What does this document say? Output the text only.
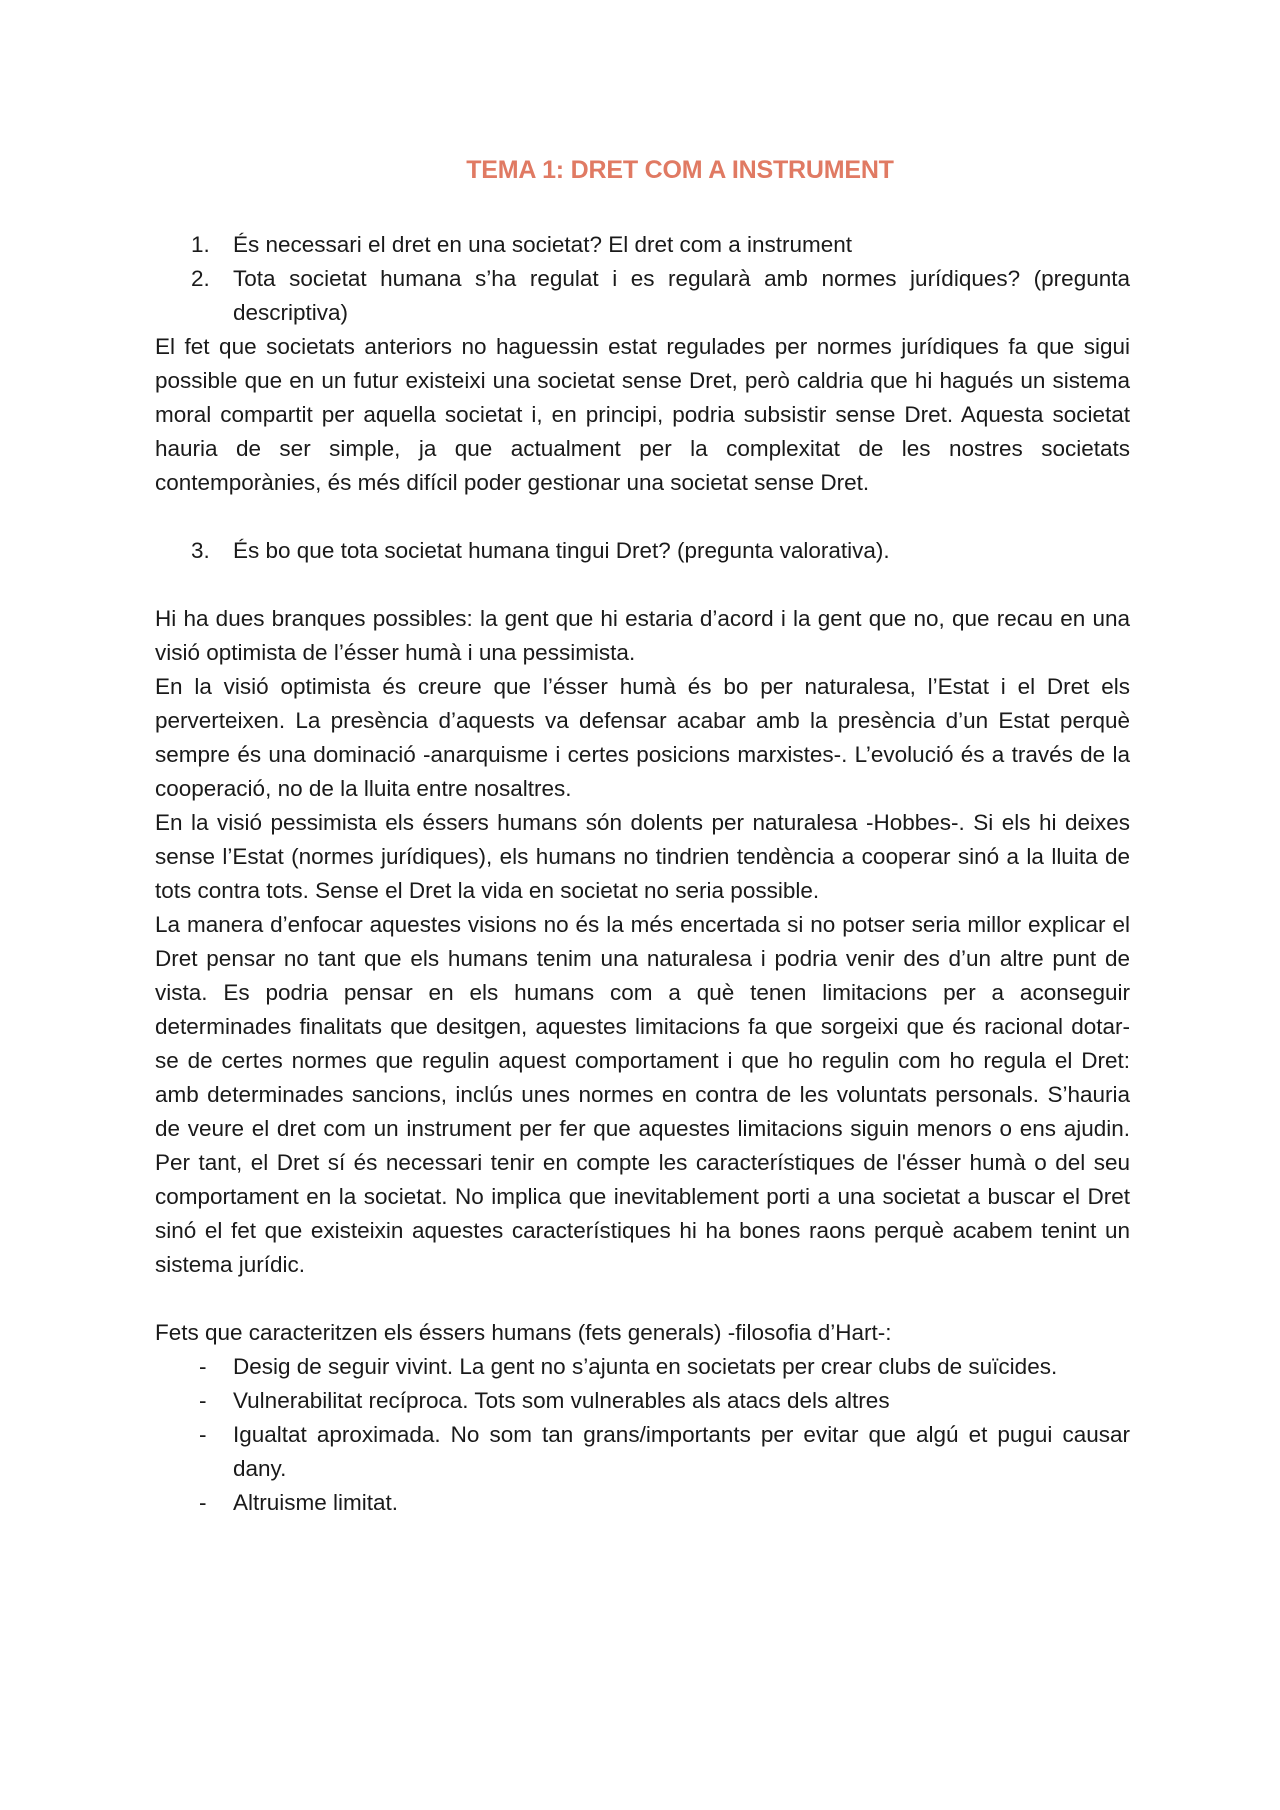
TEMA 1: DRET COM A INSTRUMENT
1. És necessari el dret en una societat? El dret com a instrument
2. Tota societat humana s’ha regulat i es regularà amb normes jurídiques? (pregunta descriptiva)

El fet que societats anteriors no haguessin estat regulades per normes jurídiques fa que sigui possible que en un futur existeixi una societat sense Dret, però caldria que hi hagués un sistema moral compartit per aquella societat i, en principi, podria subsistir sense Dret. Aquesta societat hauria de ser simple, ja que actualment per la complexitat de les nostres societats contemporànies, és més difícil poder gestionar una societat sense Dret.

3. És bo que tota societat humana tingui Dret? (pregunta valorativa).

Hi ha dues branques possibles: la gent que hi estaria d’acord i la gent que no, que recau en una visió optimista de l’ésser humà i una pessimista.

En la visió optimista és creure que l’ésser humà és bo per naturalesa, l’Estat i el Dret els perverteixen. La presència d’aquests va defensar acabar amb la presència d’un Estat perquè sempre és una dominació -anarquisme i certes posicions marxistes-. L’evolució és a través de la cooperació, no de la lluita entre nosaltres.

En la visió pessimista els éssers humans són dolents per naturalesa -Hobbes-. Si els hi deixes sense l’Estat (normes jurídiques), els humans no tindrien tendència a cooperar sinó a la lluita de tots contra tots. Sense el Dret la vida en societat no seria possible.

La manera d’enfocar aquestes visions no és la més encertada si no potser seria millor explicar el Dret pensar no tant que els humans tenim una naturalesa i podria venir des d’un altre punt de vista. Es podria pensar en els humans com a què tenen limitacions per a aconseguir determinades finalitats que desitgen, aquestes limitacions fa que sorgeixi que és racional dotar-se de certes normes que regulin aquest comportament i que ho regulin com ho regula el Dret: amb determinades sancions, inclús unes normes en contra de les voluntats personals. S’hauria de veure el dret com un instrument per fer que aquestes limitacions siguin menors o ens ajudin. Per tant, el Dret sí és necessari tenir en compte les característiques de l'ésser humà o del seu comportament en la societat. No implica que inevitablement porti a una societat a buscar el Dret sinó el fet que existeixin aquestes característiques hi ha bones raons perquè acabem tenint un sistema jurídic.

Fets que caracteritzen els éssers humans (fets generals) -filosofia d’Hart-:

- Desig de seguir vivint. La gent no s’ajunta en societats per crear clubs de suïcides.
- Vulnerabilitat recíproca. Tots som vulnerables als atacs dels altres
- Igualtat aproximada. No som tan grans/importants per evitar que algú et pugui causar dany.
- Altruisme limitat.
